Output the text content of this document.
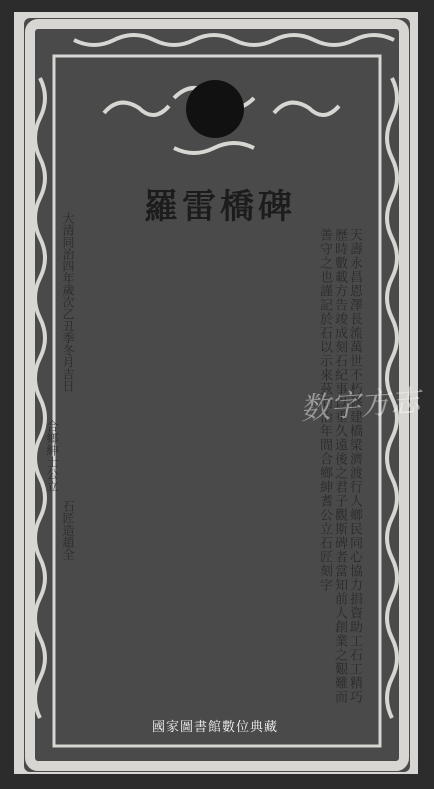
羅雷橋碑
天壽永昌恩澤長流萬世不朽修建橋梁濟渡行人鄉民同心協力捐資助工石工精巧歷時數載方告竣成刻石紀事以垂久遠後之君子觀斯碑者當知前人創業之艱難而善守之也謹記於石以示來茲同治年間合鄉紳耆公立石匠刻字
大清同治四年歲次乙丑季冬月吉日
合鄉紳士公立
石匠造趙全
数字方志
國家圖書館數位典藏
